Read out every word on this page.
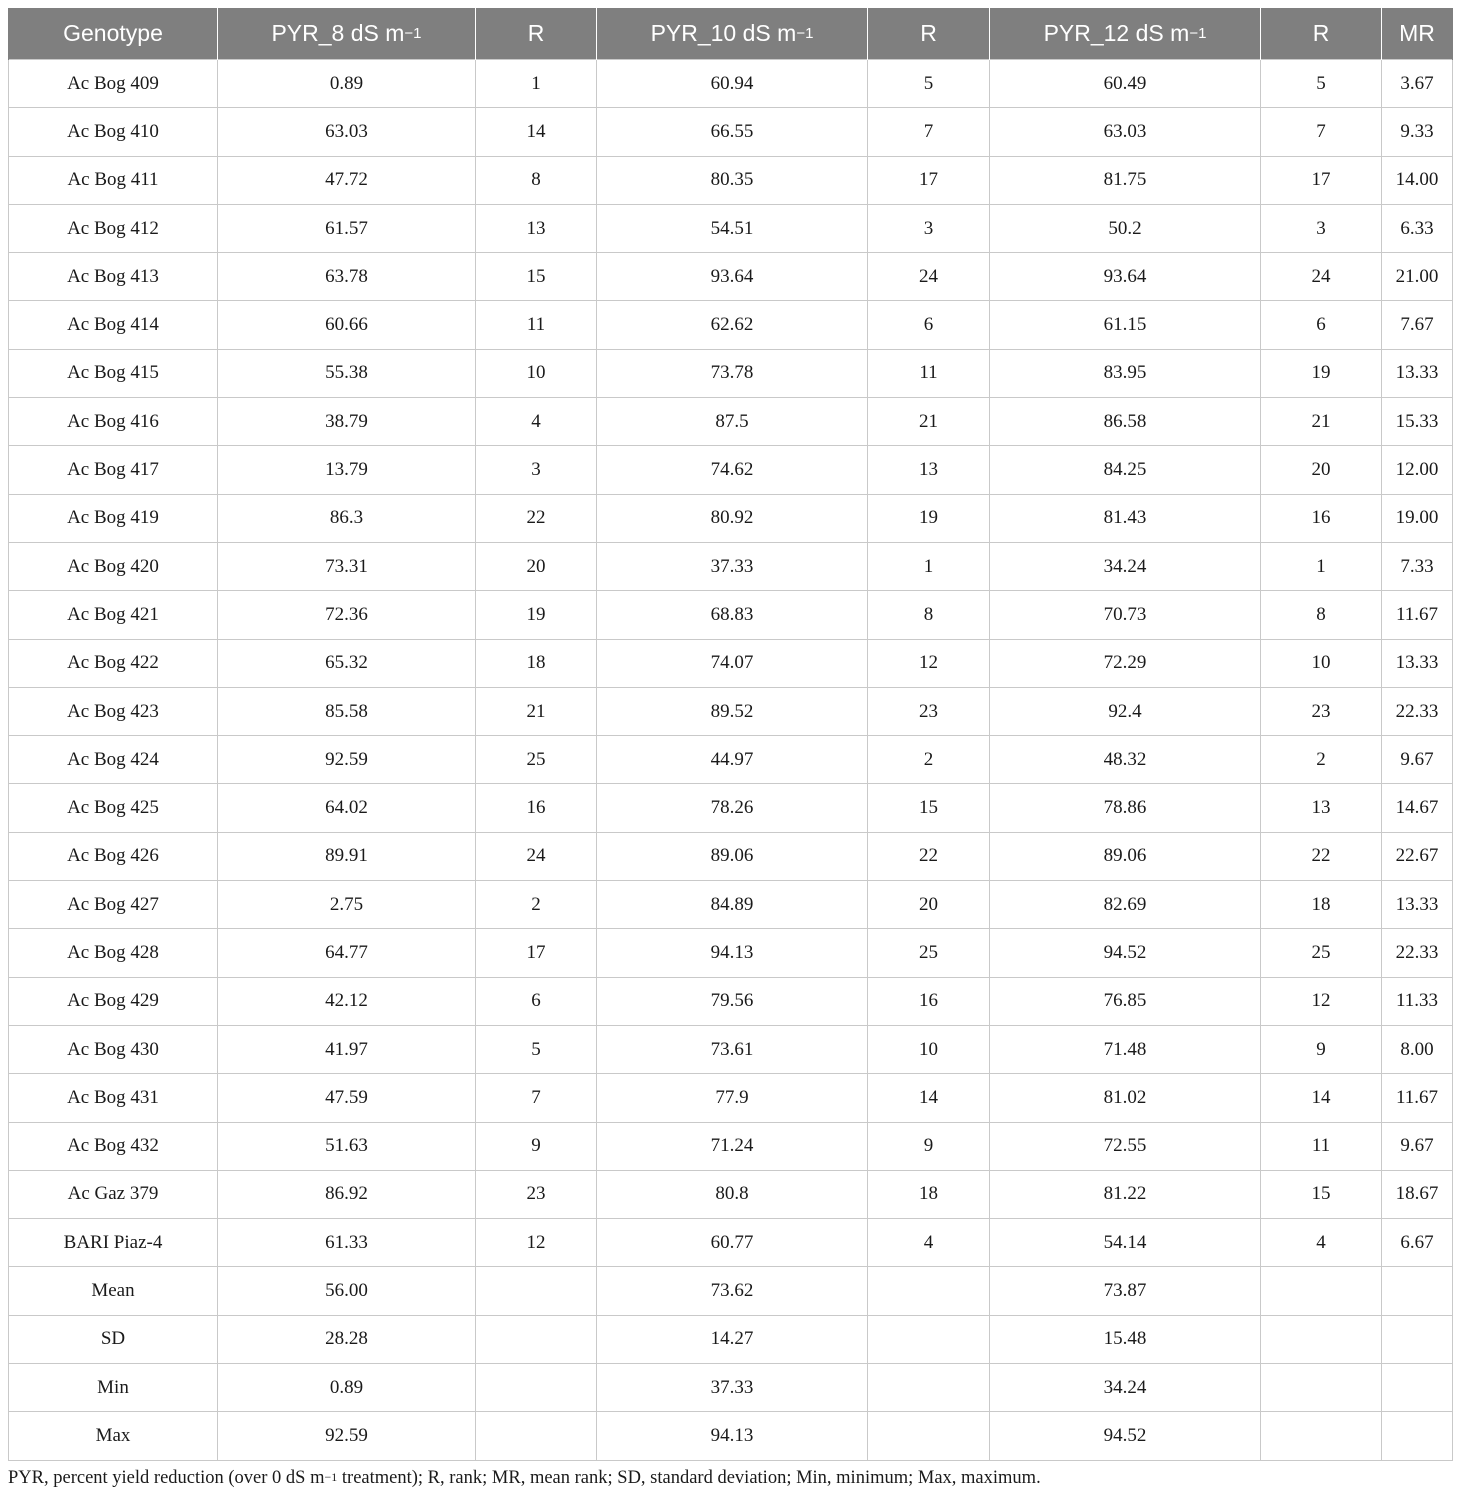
Genotype	PYR_8 dS $m^{-1}$	R	PYR_10 dS $m^{-1}$	R	PYR_12 dS $m^{-1}$	R	MR
Ac Bog 409	0.89	1	60.94	5	60.49	5	3.67
Ac Bog 410	63.03	14	66.55	7	63.03	7	9.33
Ac Bog 411	47.72	8	80.35	17	81.75	17	14.00
Ac Bog 412	61.57	13	54.51	3	50.2	3	6.33
Ac Bog 413	63.78	15	93.64	24	93.64	24	21.00
Ac Bog 414	60.66	11	62.62	6	61.15	6	7.67
Ac Bog 415	55.38	10	73.78	11	83.95	19	13.33
Ac Bog 416	38.79	4	87.5	21	86.58	21	15.33
Ac Bog 417	13.79	3	74.62	13	84.25	20	12.00
Ac Bog 419	86.3	22	80.92	19	81.43	16	19.00
Ac Bog 420	73.31	20	37.33	1	34.24	1	7.33
Ac Bog 421	72.36	19	68.83	8	70.73	8	11.67
Ac Bog 422	65.32	18	74.07	12	72.29	10	13.33
Ac Bog 423	85.58	21	89.52	23	92.4	23	22.33
Ac Bog 424	92.59	25	44.97	2	48.32	2	9.67
Ac Bog 425	64.02	16	78.26	15	78.86	13	14.67
Ac Bog 426	89.91	24	89.06	22	89.06	22	22.67
Ac Bog 427	2.75	2	84.89	20	82.69	18	13.33
Ac Bog 428	64.77	17	94.13	25	94.52	25	22.33
Ac Bog 429	42.12	6	79.56	16	76.85	12	11.33
Ac Bog 430	41.97	5	73.61	10	71.48	9	8.00
Ac Bog 431	47.59	7	77.9	14	81.02	14	11.67
Ac Bog 432	51.63	9	71.24	9	72.55	11	9.67
Ac Gaz 379	86.92	23	80.8	18	81.22	15	18.67
BARI Piaz-4	61.33	12	60.77	4	54.14	4	6.67
Mean	56.00		73.62		73.87		
SD	28.28		14.27		15.48		
Min	0.89		37.33		34.24		
Max	92.59		94.13		94.52		
PYR, percent yield reduction (over 0 dS $m^{-1}$ treatment); R, rank; MR, mean rank; SD, standard deviation; Min, minimum; Max, maximum.
